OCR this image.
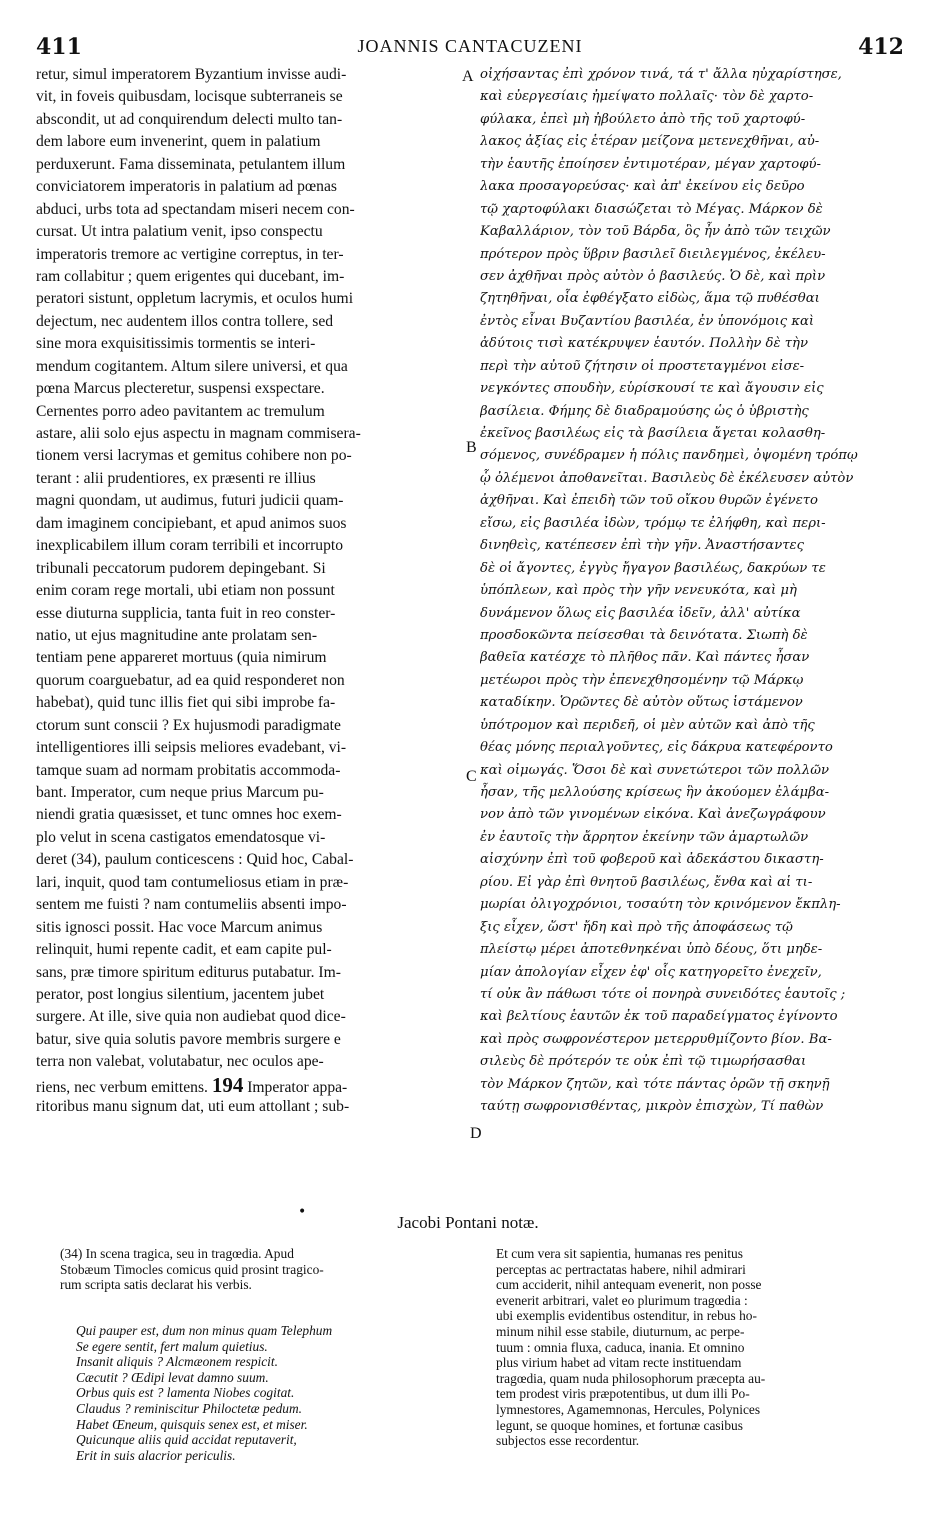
411	JOANNIS CANTACUZENI	412
retur, simul imperatorem Byzantium invisse audi-
vit, in foveis quibusdam, locisque subterraneis se
abscondit, ut ad conquirendum delecti multo tan-
dem labore eum invenerint, quem in palatium
perduxerunt. Fama disseminata, petulantem illum
conviciatorem imperatoris in palatium ad pœnas
abduci, urbs tota ad spectandam miseri necem con-
cursat. Ut intra palatium venit, ipso conspectu
imperatoris tremore ac vertigine correptus, in ter-
ram collabitur ; quem erigentes qui ducebant, im-
peratori sistunt, oppletum lacrymis, et oculos humi
dejectum, nec audentem illos contra tollere, sed
sine mora exquisitissimis tormentis se interi-
mendum cogitantem. Altum silere universi, et qua
pœna Marcus plecteretur, suspensi exspectare.
Cernentes porro adeo pavitantem ac tremulum
astare, alii solo ejus aspectu in magnam commisera-
tionem versi lacrymas et gemitus cohibere non po-
terant : alii prudentiores, ex præsenti re illius
magni quondam, ut audimus, futuri judicii quam-
dam imaginem concipiebant, et apud animos suos
inexplicabilem illum coram terribili et incorrupto
tribunali peccatorum pudorem depingebant. Si
enim coram rege mortali, ubi etiam non possunt
esse diuturna supplicia, tanta fuit in reo conster-
natio, ut ejus magnitudine ante prolatam sen-
tentiam pene appareret mortuus (quia nimirum
quorum coarguebatur, ad ea quid responderet non
habebat), quid tunc illis fiet qui sibi improbe fa-
ctorum sunt conscii ? Ex hujusmodi paradigmate
intelligentiores illi seipsis meliores evadebant, vi-
tamque suam ad normam probitatis accommoda-
bant. Imperator, cum neque prius Marcum pu-
niendi gratia quæsisset, et tunc omnes hoc exem-
plo velut in scena castigatos emendatosque vi-
deret (34), paulum conticescens : Quid hoc, Cabal-
lari, inquit, quod tam contumeliosus etiam in præ-
sentem me fuisti ? nam contumeliis absenti impo-
sitis ignosci possit. Hac voce Marcum animus
relinquit, humi repente cadit, et eam capite pul-
sans, præ timore spiritum editurus putabatur. Im-
perator, post longius silentium, jacentem jubet
surgere. At ille, sive quia non audiebat quod dice-
batur, sive quia solutis pavore membris surgere e
terra non valebat, volutabatur, nec oculos ape-
riens, nec verbum emittens. 194 Imperator appa-
ritoribus manu signum dat, uti eum attollant ; sub-
οἰχήσαντας ἐπὶ χρόνον τινά, τά τ' ἄλλα ηὐχαρίστησε,
καὶ εὐεργεσίαις ἠμείψατο πολλαῖς· τὸν δὲ χαρτο-
φύλακα, ἐπεὶ μὴ ἠβούλετο ἀπὸ τῆς τοῦ χαρτοφύ-
λακος ἀξίας εἰς ἑτέραν μείζονα μετενεχθῆναι, αὐ-
τὴν ἑαυτῆς ἐποίησεν ἐντιμοτέραν, μέγαν χαρτοφύ-
λακα προσαγορεύσας· καὶ ἀπ' ἐκείνου εἰς δεῦρο
τῷ χαρτοφύλακι διασώζεται τὸ Μέγας. Μάρκον δὲ
Καβαλλάριον, τὸν τοῦ Βάρδα, ὃς ἦν ἀπὸ τῶν τειχῶν
πρότερον πρὸς ὕβριν βασιλεῖ διειλεγμένος, ἐκέλευ-
σεν ἀχθῆναι πρὸς αὐτὸν ὁ βασιλεύς. Ὁ δὲ, καὶ πρὶν
ζητηθῆναι, οἷα ἐφθέγξατο εἰδὼς, ἅμα τῷ πυθέσθαι
ἐντὸς εἶναι Βυζαντίου βασιλέα, ἐν ὑπονόμοις καὶ
ἀδύτοις τισὶ κατέκρυψεν ἑαυτόν. Πολλὴν δὲ τὴν
περὶ τὴν αὐτοῦ ζήτησιν οἱ προστεταγμένοι εἰσε-
νεγκόντες σπουδὴν, εὑρίσκουσί τε καὶ ἄγουσιν εἰς
βασίλεια. Φήμης δὲ διαδραμούσης ὡς ὁ ὑβριστὴς
ἐκεῖνος βασιλέως εἰς τὰ βασίλεια ἄγεται κολασθη-
σόμενος, συνέδραμεν ἡ πόλις πανδημεὶ, ὀψομένη τρόπῳ
ᾧ ὀλέμενοι ἀποθανεῖται. Βασιλεὺς δὲ ἐκέλευσεν αὐτὸν
ἀχθῆναι. Καὶ ἐπειδὴ τῶν τοῦ οἴκου θυρῶν ἐγένετο
εἴσω, εἰς βασιλέα ἰδὼν, τρόμῳ τε ἐλήφθη, καὶ περι-
δινηθεὶς, κατέπεσεν ἐπὶ τὴν γῆν. Ἀναστήσαντες
δὲ οἱ ἄγοντες, ἐγγὺς ἤγαγον βασιλέως, δακρύων τε
ὑπόπλεων, καὶ πρὸς τὴν γῆν νενευκότα, καὶ μὴ
δυνάμενον ὅλως εἰς βασιλέα ἰδεῖν, ἀλλ' αὐτίκα
προσδοκῶντα πείσεσθαι τὰ δεινότατα. Σιωπὴ δὲ
βαθεῖα κατέσχε τὸ πλῆθος πᾶν. Καὶ πάντες ἦσαν
μετέωροι πρὸς τὴν ἐπενεχθησομένην τῷ Μάρκῳ
καταδίκην. Ὁρῶντες δὲ αὐτὸν οὕτως ἱστάμενον
ὑπότρομον καὶ περιδεῆ, οἱ μὲν αὐτῶν καὶ ἀπὸ τῆς
θέας μόνης περιαλγοῦντες, εἰς δάκρυα κατεφέροντο
καὶ οἰμωγάς. Ὅσοι δὲ καὶ συνετώτεροι τῶν πολλῶν
ἦσαν, τῆς μελλούσης κρίσεως ἣν ἀκούομεν ἐλάμβα-
νον ἀπὸ τῶν γινομένων εἰκόνα. Καὶ ἀνεζωγράφουν
ἐν ἑαυτοῖς τὴν ἄρρητον ἐκείνην τῶν ἁμαρτωλῶν
αἰσχύνην ἐπὶ τοῦ φοβεροῦ καὶ ἀδεκάστου δικαστη-
ρίου. Εἰ γὰρ ἐπὶ θνητοῦ βασιλέως, ἔνθα καὶ αἱ τι-
μωρίαι ὀλιγοχρόνιοι, τοσαύτη τὸν κρινόμενον ἔκπλη-
ξις εἶχεν, ὥστ' ἤδη καὶ πρὸ τῆς ἀποφάσεως τῷ
πλείστῳ μέρει ἀποτεθνηκέναι ὑπὸ δέους, ὅτι μηδε-
μίαν ἀπολογίαν εἶχεν ἐφ' οἷς κατηγορεῖτο ἐνεχεῖν,
τί οὐκ ἂν πάθωσι τότε οἱ πονηρὰ συνειδότες ἑαυτοῖς ;
καὶ βελτίους ἑαυτῶν ἐκ τοῦ παραδείγματος ἐγίνοντο
καὶ πρὸς σωφρονέστερον μετερρυθμίζοντο βίον. Βα-
σιλεὺς δὲ πρότερόν τε οὐκ ἐπὶ τῷ τιμωρήσασθαι
τὸν Μάρκον ζητῶν, καὶ τότε πάντας ὁρῶν τῇ σκηνῇ
ταύτῃ σωφρονισθέντας, μικρὸν ἐπισχὼν, Τί παθὼν
A
B
C
D
•
Jacobi Pontani notæ.
(34) In scena tragica, seu in tragœdia. Apud
Stobæum Timocles comicus quid prosint tragico-
rum scripta satis declarat his verbis.
Qui pauper est, dum non minus quam Telephum
Se egere sentit, fert malum quietius.
Insanit aliquis ? Alcmæonem respicit.
Cæcutit ? Œdipi levat damno suum.
Orbus quis est ? lamenta Niobes cogitat.
Claudus ? reminiscitur Philoctetæ pedum.
Habet Œneum, quisquis senex est, et miser.
Quicunque aliis quid accidat reputaverit,
Erit in suis alacrior periculis.
Et cum vera sit sapientia, humanas res penitus
perceptas ac pertractatas habere, nihil admirari
cum acciderit, nihil antequam evenerit, non posse
evenerit arbitrari, valet eo plurimum tragœdia :
ubi exemplis evidentibus ostenditur, in rebus ho-
minum nihil esse stabile, diuturnum, ac perpe-
tuum : omnia fluxa, caduca, inania. Et omnino
plus virium habet ad vitam recte instituendam
tragœdia, quam nuda philosophorum præcepta au-
tem prodest viris præpotentibus, ut dum illi Po-
lymnestores, Agamemnonas, Hercules, Polynices
legunt, se quoque homines, et fortunæ casibus
subjectos esse recordentur.
